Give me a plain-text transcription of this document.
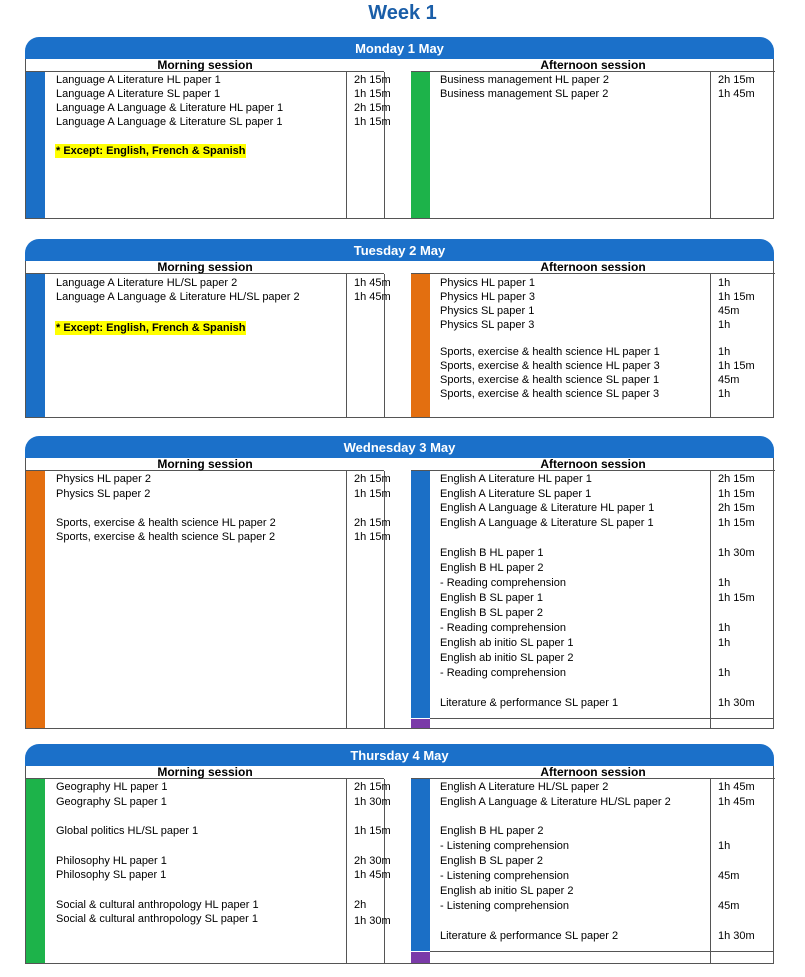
Week 1
Monday 1 May
Morning session	Afternoon session
Language A Literature HL paper 1	2h 15m
Language A Literature SL paper 1	1h 15m
Language A Language & Literature HL paper 1	2h 15m
Language A Language & Literature SL paper 1	1h 15m
* Except: English, French & Spanish
Business management HL paper 2	2h 15m
Business management SL paper 2	1h 45m
Tuesday 2 May
Morning session	Afternoon session
Language A Literature HL/SL paper 2	1h 45m
Language A Language & Literature HL/SL paper 2	1h 45m
* Except: English, French & Spanish
Physics HL paper 1	1h
Physics HL paper 3	1h 15m
Physics SL paper 1	45m
Physics SL paper 3	1h
Sports, exercise & health science HL paper 1	1h
Sports, exercise & health science HL paper 3	1h 15m
Sports, exercise & health science SL paper 1	45m
Sports, exercise & health science SL paper 3	1h
Wednesday 3 May
Morning session	Afternoon session
Physics HL paper 2	2h 15m
Physics SL paper 2	1h 15m
Sports, exercise & health science HL paper 2	2h 15m
Sports, exercise & health science SL paper 2	1h 15m
English A Literature HL paper 1	2h 15m
English A Literature SL paper 1	1h 15m
English A Language & Literature HL paper 1	2h 15m
English A Language & Literature SL paper 1	1h 15m
English B HL paper 1	1h 30m
English B HL paper 2
- Reading comprehension	1h
English B SL paper 1	1h 15m
English B SL paper 2
- Reading comprehension	1h
English ab initio SL paper 1	1h
English ab initio SL paper 2
- Reading comprehension	1h
Literature & performance SL paper 1	1h 30m
Thursday 4 May
Morning session	Afternoon session
Geography HL paper 1	2h 15m
Geography SL paper 1	1h 30m
Global politics HL/SL paper 1	1h 15m
Philosophy HL paper 1	2h 30m
Philosophy SL paper 1	1h 45m
Social & cultural anthropology HL paper 1	2h
Social & cultural anthropology SL paper 1	1h 30m
English A Literature HL/SL paper 2	1h 45m
English A Language & Literature HL/SL paper 2	1h 45m
English B HL paper 2
- Listening comprehension	1h
English B SL paper 2
- Listening comprehension	45m
English ab initio SL paper 2
- Listening comprehension	45m
Literature & performance SL paper 2	1h 30m
